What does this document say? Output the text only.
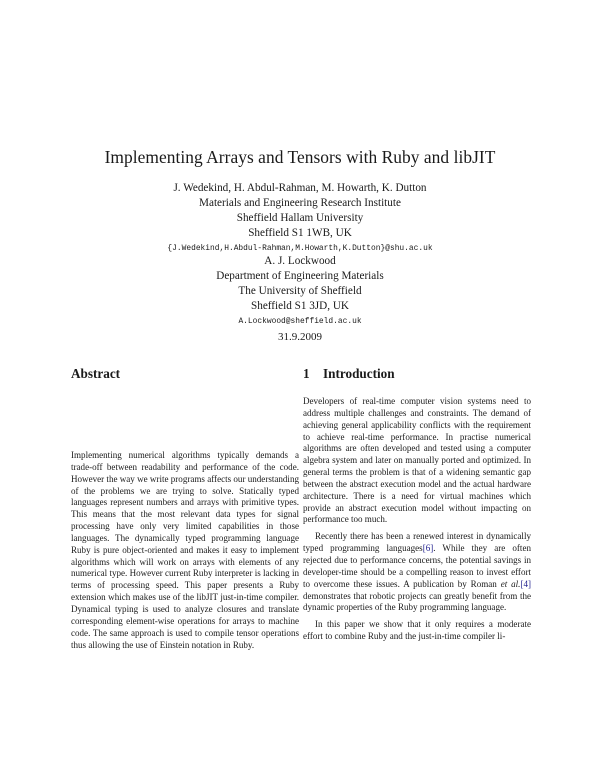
Implementing Arrays and Tensors with Ruby and libJIT
J. Wedekind, H. Abdul-Rahman, M. Howarth, K. Dutton
Materials and Engineering Research Institute
Sheffield Hallam University
Sheffield S1 1WB, UK
{J.Wedekind,H.Abdul-Rahman,M.Howarth,K.Dutton}@shu.ac.uk
A. J. Lockwood
Department of Engineering Materials
The University of Sheffield
Sheffield S1 3JD, UK
A.Lockwood@sheffield.ac.uk
31.9.2009
Abstract	1 Introduction

Implementing numerical algorithms typically demands a trade-off between readability and performance of the code. However the way we write programs affects our understanding of the problems we are trying to solve. Statically typed languages represent numbers and arrays with primitive types. This means that the most relevant data types for signal processing have only very limited capabilities in those languages. The dynamically typed programming language Ruby is pure object-oriented and makes it easy to implement algorithms which will work on arrays with elements of any numerical type. However current Ruby interpreter is lacking in terms of processing speed. This paper presents a Ruby extension which makes use of the libJIT just-in-time compiler. Dynamical typing is used to analyze closures and translate corresponding element-wise operations for arrays to machine code. The same approach is used to compile tensor operations thus allowing the use of Einstein notation in Ruby.

Developers of real-time computer vision systems need to address multiple challenges and constraints. The demand of achieving general applicability conflicts with the requirement to achieve real-time performance. In practise numerical algorithms are often developed and tested using a computer algebra system and later on manually ported and optimized. In general terms the problem is that of a widening semantic gap between the abstract execution model and the actual hardware architecture. There is a need for virtual machines which provide an abstract execution model without impacting on performance too much.

Recently there has been a renewed interest in dynamically typed programming languages[6]. While they are often rejected due to performance concerns, the potential savings in developer-time should be a compelling reason to invest effort to overcome these issues. A publication by Roman et al.[4] demonstrates that robotic projects can greatly benefit from the dynamic properties of the Ruby programming language.

In this paper we show that it only requires a moderate effort to combine Ruby and the just-in-time compiler li-
